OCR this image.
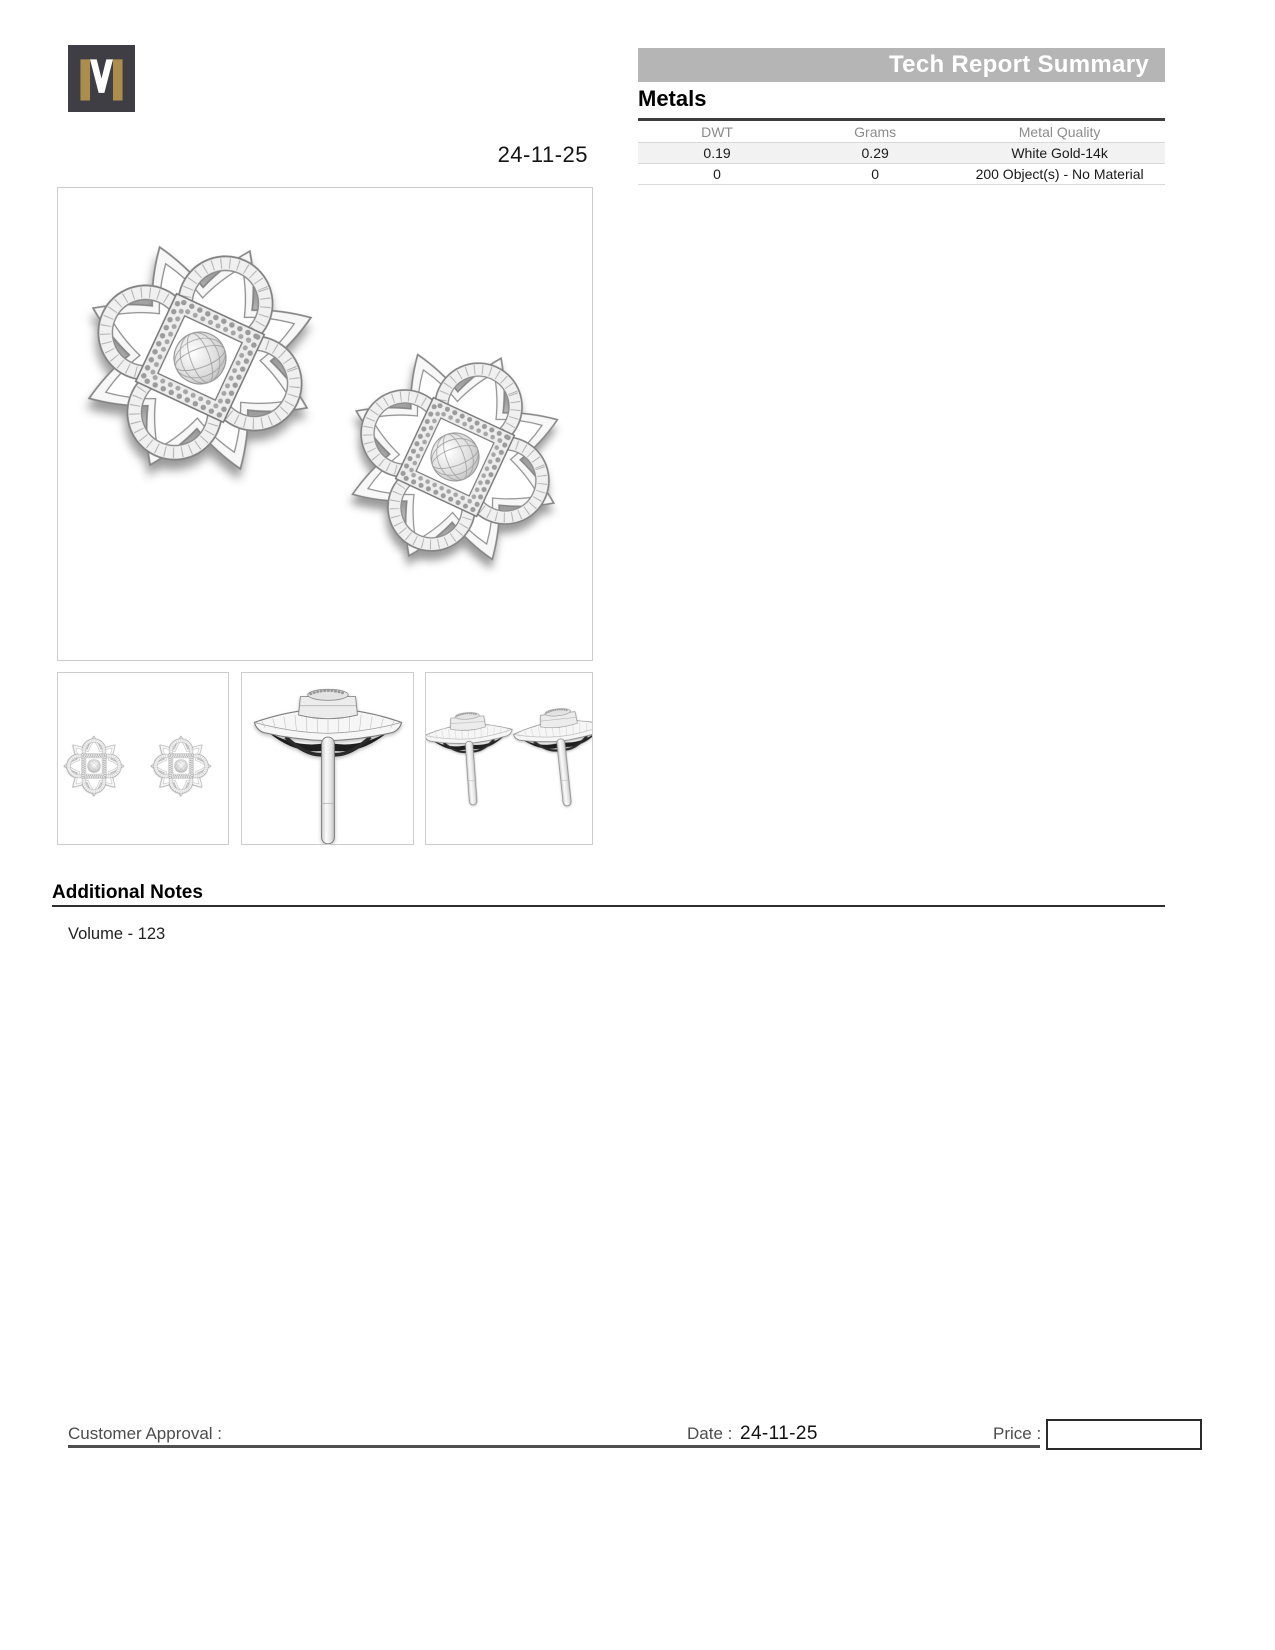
Tech Report Summary
Metals
DWT	Grams	Metal Quality
0.19	0.29	White Gold-14k
0	0	200 Object(s) - No Material
24-11-25
Additional Notes
Volume - 123
Customer Approval :	Date : 24-11-25	Price :
